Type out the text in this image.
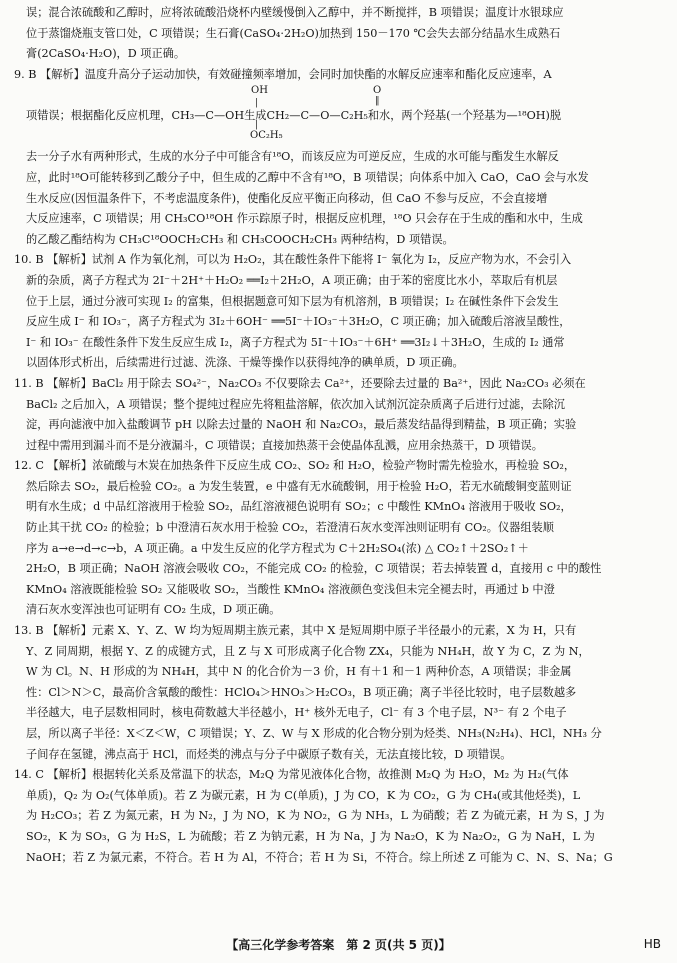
误；混合浓硫酸和乙醇时，应将浓硫酸沿烧杯内壁缓慢倒入乙醇中，并不断搅拌，B 项错误；温度计水银球应

位于蒸馏烧瓶支管口处，C 项错误；生石膏(CaSO₄·2H₂O)加热到 150－170 ℃会失去部分结晶水生成熟石

膏(2CaSO₄·H₂O)，D 项正确。

9. B 【解析】温度升高分子运动加快，有效碰撞频率增加，会同时加快酯的水解反应速率和酯化反应速率，A

OH
|
O
‖
项错误；根据酯化反应机理，CH₃—C—OH生成CH₂—C—O—C₂H₅和水，两个羟基(一个羟基为—¹⁸OH)脱
|
OC₂H₅

去一分子水有两种形式，生成的水分子中可能含有¹⁸O，而该反应为可逆反应，生成的水可能与酯发生水解反

应，此时¹⁸O可能转移到乙酸分子中，但生成的乙醇中不含有¹⁸O，B 项错误；向体系中加入 CaO，CaO 会与水发

生水反应(因恒温条件下，不考虑温度条件)，使酯化反应平衡正向移动，但 CaO 不参与反应，不会直接增

大反应速率，C 项错误；用 CH₃CO¹⁸OH 作示踪原子时，根据反应机理，¹⁸O 只会存在于生成的酯和水中，生成

的乙酸乙酯结构为 CH₃C¹⁸OOCH₂CH₃ 和 CH₃COOCH₂CH₃ 两种结构，D 项错误。

10. B 【解析】试剂 A 作为氧化剂，可以为 H₂O₂，其在酸性条件下能将 I⁻ 氧化为 I₂，反应产物为水，不会引入

新的杂质，离子方程式为 2I⁻＋2H⁺＋H₂O₂ ══I₂＋2H₂O，A 项正确；由于苯的密度比水小，萃取后有机层

位于上层，通过分液可实现 I₂ 的富集，但根据题意可知下层为有机溶剂，B 项错误；I₂ 在碱性条件下会发生

反应生成 I⁻ 和 IO₃⁻，离子方程式为 3I₂＋6OH⁻ ══5I⁻＋IO₃⁻＋3H₂O，C 项正确；加入硫酸后溶液呈酸性，

I⁻ 和 IO₃⁻ 在酸性条件下发生反应生成 I₂，离子方程式为 5I⁻＋IO₃⁻＋6H⁺ ══3I₂↓＋3H₂O，生成的 I₂ 通常

以固体形式析出，后续需进行过滤、洗涤、干燥等操作以获得纯净的碘单质，D 项正确。

11. B 【解析】BaCl₂ 用于除去 SO₄²⁻，Na₂CO₃ 不仅要除去 Ca²⁺，还要除去过量的 Ba²⁺，因此 Na₂CO₃ 必须在

BaCl₂ 之后加入，A 项错误；整个提纯过程应先将粗盐溶解，依次加入试剂沉淀杂质离子后进行过滤，去除沉

淀，再向滤液中加入盐酸调节 pH 以除去过量的 NaOH 和 Na₂CO₃，最后蒸发结晶得到精盐，B 项正确；实验

过程中需用到漏斗而不是分液漏斗，C 项错误；直接加热蒸干会使晶体乱溅，应用余热蒸干，D 项错误。

12. C 【解析】浓硫酸与木炭在加热条件下反应生成 CO₂、SO₂ 和 H₂O，检验产物时需先检验水，再检验 SO₂，

然后除去 SO₂，最后检验 CO₂。a 为发生装置，e 中盛有无水硫酸铜，用于检验 H₂O，若无水硫酸铜变蓝则证

明有水生成；d 中品红溶液用于检验 SO₂，品红溶液褪色说明有 SO₂；c 中酸性 KMnO₄ 溶液用于吸收 SO₂，

防止其干扰 CO₂ 的检验；b 中澄清石灰水用于检验 CO₂，若澄清石灰水变浑浊则证明有 CO₂。仪器组装顺

序为 a→e→d→c→b，A 项正确。a 中发生反应的化学方程式为 C＋2H₂SO₄(浓) △ CO₂↑＋2SO₂↑＋

2H₂O，B 项正确；NaOH 溶液会吸收 CO₂，不能完成 CO₂ 的检验，C 项错误；若去掉装置 d，直接用 c 中的酸性

KMnO₄ 溶液既能检验 SO₂ 又能吸收 SO₂，当酸性 KMnO₄ 溶液颜色变浅但未完全褪去时，再通过 b 中澄

清石灰水变浑浊也可证明有 CO₂ 生成，D 项正确。

13. B 【解析】元素 X、Y、Z、W 均为短周期主族元素，其中 X 是短周期中原子半径最小的元素，X 为 H，只有

Y、Z 同周期，根据 Y、Z 的成键方式，且 Z 与 X 可形成离子化合物 ZX₄，只能为 NH₄H，故 Y 为 C，Z 为 N，

W 为 Cl。N、H 形成的为 NH₄H，其中 N 的化合价为－3 价，H 有＋1 和－1 两种价态，A 项错误；非金属

性：Cl＞N＞C，最高价含氧酸的酸性：HClO₄＞HNO₃＞H₂CO₃，B 项正确；离子半径比较时，电子层数越多

半径越大，电子层数相同时，核电荷数越大半径越小，H⁺ 核外无电子，Cl⁻ 有 3 个电子层，N³⁻ 有 2 个电子

层，所以离子半径：X＜Z＜W，C 项错误；Y、Z、W 与 X 形成的化合物分别为烃类、NH₃(N₂H₄)、HCl，NH₃ 分

子间存在氢键，沸点高于 HCl，而烃类的沸点与分子中碳原子数有关，无法直接比较，D 项错误。

14. C 【解析】根据转化关系及常温下的状态，M₂Q 为常见液体化合物，故推测 M₂Q 为 H₂O，M₂ 为 H₂(气体

单质)，Q₂ 为 O₂(气体单质)。若 Z 为碳元素，H 为 C(单质)，J 为 CO，K 为 CO₂，G 为 CH₄(或其他烃类)，L

为 H₂CO₃；若 Z 为氮元素，H 为 N₂，J 为 NO，K 为 NO₂，G 为 NH₃，L 为硝酸；若 Z 为硫元素，H 为 S，J 为

SO₂，K 为 SO₃，G 为 H₂S，L 为硫酸；若 Z 为钠元素，H 为 Na，J 为 Na₂O，K 为 Na₂O₂，G 为 NaH，L 为

NaOH；若 Z 为氯元素，不符合。若 H 为 Al，不符合；若 H 为 Si，不符合。综上所述 Z 可能为 C、N、S、Na；G

【高三化学参考答案　第 2 页(共 5 页)】	HB
